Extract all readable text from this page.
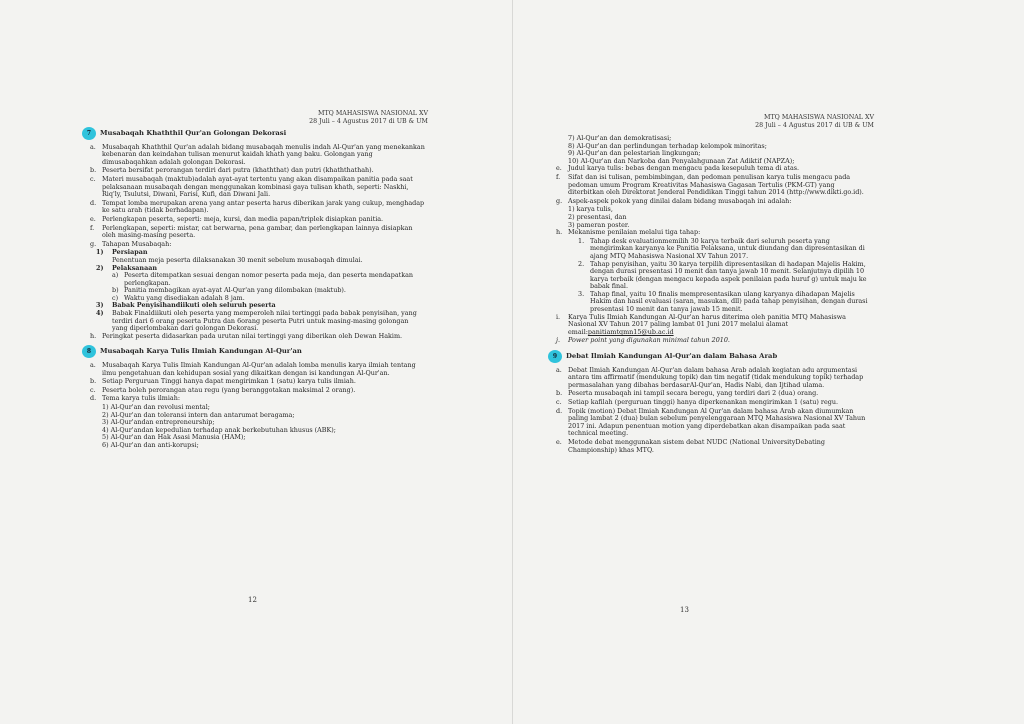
MTQ MAHASISWA NASIONAL XV
28 Juli – 4 Agustus 2017 di UB & UM
7	Musabaqah Khaththil Qur'an Golongan Dekorasi
a. Musabaqah Khaththil Qur'an adalah bidang musabaqah menulis indah Al-Qur'an yang menekankan kebenaran dan keindahan tulisan menurut kaidah khath yang baku. Golongan yang dimusabaqahkan adalah golongan Dekorasi.
b. Peserta bersifat perorangan terdiri dari putra (khaththat) dan putri (khaththathah).
c. Materi musabaqah (maktub)adalah ayat-ayat tertentu yang akan disampaikan panitia pada saat pelaksanaan musabaqah dengan menggunakan kombinasi gaya tulisan khath, seperti: Naskhi, Riq'ly, Tsulutsi, Diwani, Farisi, Kufi, dan Diwani Jali.
d. Tempat lomba merupakan arena yang antar peserta harus diberikan jarak yang cukup, menghadap ke satu arah (tidak berhadapan).
e. Perlengkapan peserta, seperti: meja, kursi, dan media papan/triplek disiapkan panitia.
f. Perlengkapan, seperti: mistar, cat berwarna, pena gambar, dan perlengkapan lainnya disiapkan oleh masing-masing peserta.
g. Tahapan Musabaqah:
1) Persiapan
Penentuan meja peserta dilaksanakan 30 menit sebelum musabaqah dimulai.
2) Pelaksanaan
a) Peserta ditempatkan sesuai dengan nomor peserta pada meja, dan peserta mendapatkan perlengkapan.
b) Panitia membagikan ayat-ayat Al-Qur'an yang dilombakan (maktub).
c) Waktu yang disediakan adalah 8 jam.
3) Babak Penyisihandiikuti oleh seluruh peserta
4) Babak Finaldiikuti oleh peserta yang memperoleh nilai tertinggi pada babak penyisihan, yang terdiri dari 6 orang peserta Putra dan 6orang peserta Putri untuk masing-masing golongan yang diperlombakan dari golongan Dekorasi.
h. Peringkat peserta didasarkan pada urutan nilai tertinggi yang diberikan oleh Dewan Hakim.
8	Musabaqah Karya Tulis Ilmiah Kandungan Al-Qur'an
a. Musabaqah Karya Tulis Ilmiah Kandungan Al-Qur'an adalah lomba menulis karya ilmiah tentang ilmu pengetahuan dan kehidupan sosial yang dikaitkan dengan isi kandungan Al-Qur'an.
b. Setiap Perguruan Tinggi hanya dapat mengirimkan 1 (satu) karya tulis ilmiah.
c. Peserta boleh perorangan atau regu (yang beranggotakan maksimal 2 orang).
d. Tema karya tulis ilmiah:
1) Al-Qur'an dan revolusi mental;
2) Al-Qur'an dan toleransi intern dan antarumat beragama;
3) Al-Qur'andan entrepreneurship;
4) Al-Qur'andan kepedulian terhadap anak berkebutuhan khusus (ABK);
5) Al-Qur'an dan Hak Asasi Manusia (HAM);
6) Al-Qur'an dan anti-korupsi;
12
MTQ MAHASISWA NASIONAL XV
28 Juli – 4 Agustus 2017 di UB & UM
7) Al-Qur'an dan demokratisasi;
8) Al-Qur'an dan perlindungan terhadap kelompok minoritas;
9) Al-Qur'an dan pelestarian lingkungan;
10) Al-Qur'an dan Narkoba dan Penyalahgunaan Zat Adiktif (NAPZA);
e. Judul karya tulis: bebas dengan mengacu pada kesepuluh tema di atas.
f. Sifat dan isi tulisan, pembimbingan, dan pedoman penulisan karya tulis mengacu pada pedoman umum Program Kreativitas Mahasiswa Gagasan Tertulis (PKM-GT) yang diterbitkan oleh Direktorat Jenderal Pendidikan Tinggi tahun 2014 (http://www.dikti.go.id).
g. Aspek-aspek pokok yang dinilai dalam bidang musabaqah ini adalah:
1) karya tulis,
2) presentasi, dan
3) pameran poster.
h. Mekanisme penilaian melalui tiga tahap:
1. Tahap desk evaluationmemilih 30 karya terbaik dari seluruh peserta yang mengirimkan karyanya ke Panitia Pelaksana, untuk diundang dan dipresentasikan di ajang MTQ Mahasiswa Nasional XV Tahun 2017.
2. Tahap penyisihan, yaitu 30 karya terpilih dipresentasikan di hadapan Majelis Hakim, dengan durasi presentasi 10 menit dan tanya jawab 10 menit. Selanjutnya dipilih 10 karya terbaik (dengan mengacu kepada aspek penilaian pada huruf g) untuk maju ke babak final.
3. Tahap final, yaitu 10 finalis mempresentasikan ulang karyanya dihadapan Majelis Hakim dan hasil evaluasi (saran, masukan, dll) pada tahap penyisihan, dengan durasi presentasi 10 menit dan tanya jawab 15 menit.
i. Karya Tulis Ilmiah Kandungan Al-Qur'an harus diterima oleh panitia MTQ Mahasiswa Nasional XV Tahun 2017 paling lambat 01 Juni 2017 melalui alamat email:panitiamtqmn15@ub.ac.id
j. Power point yang digunakan minimal tahun 2010.
9	Debat Ilmiah Kandungan Al-Qur'an dalam Bahasa Arab
a. Debat Ilmiah Kandungan Al-Qur'an dalam bahasa Arab adalah kegiatan adu argumentasi antara tim affirmatif (mendukung topik) dan tim negatif (tidak mendukung topik) terhadap permasalahan yang dibahas berdasarAl-Qur'an, Hadis Nabi, dan Ijtihad ulama.
b. Peserta musabaqah ini tampil secara beregu, yang terdiri dari 2 (dua) orang.
c. Setiap kafilah (perguruan tinggi) hanya diperkenankan mengirimkan 1 (satu) regu.
d. Topik (motion) Debat Ilmiah Kandungan Al Qur'an dalam bahasa Arab akan diumumkan paling lambat 2 (dua) bulan sebelum penyelenggaraan MTQ Mahasiswa Nasional XV Tahun 2017 ini. Adapun penentuan motion yang diperdebatkan akan disampaikan pada saat technical meeting.
e. Metode debat menggunakan sistem debat NUDC (National UniversityDebating Championship) khas MTQ.
13
